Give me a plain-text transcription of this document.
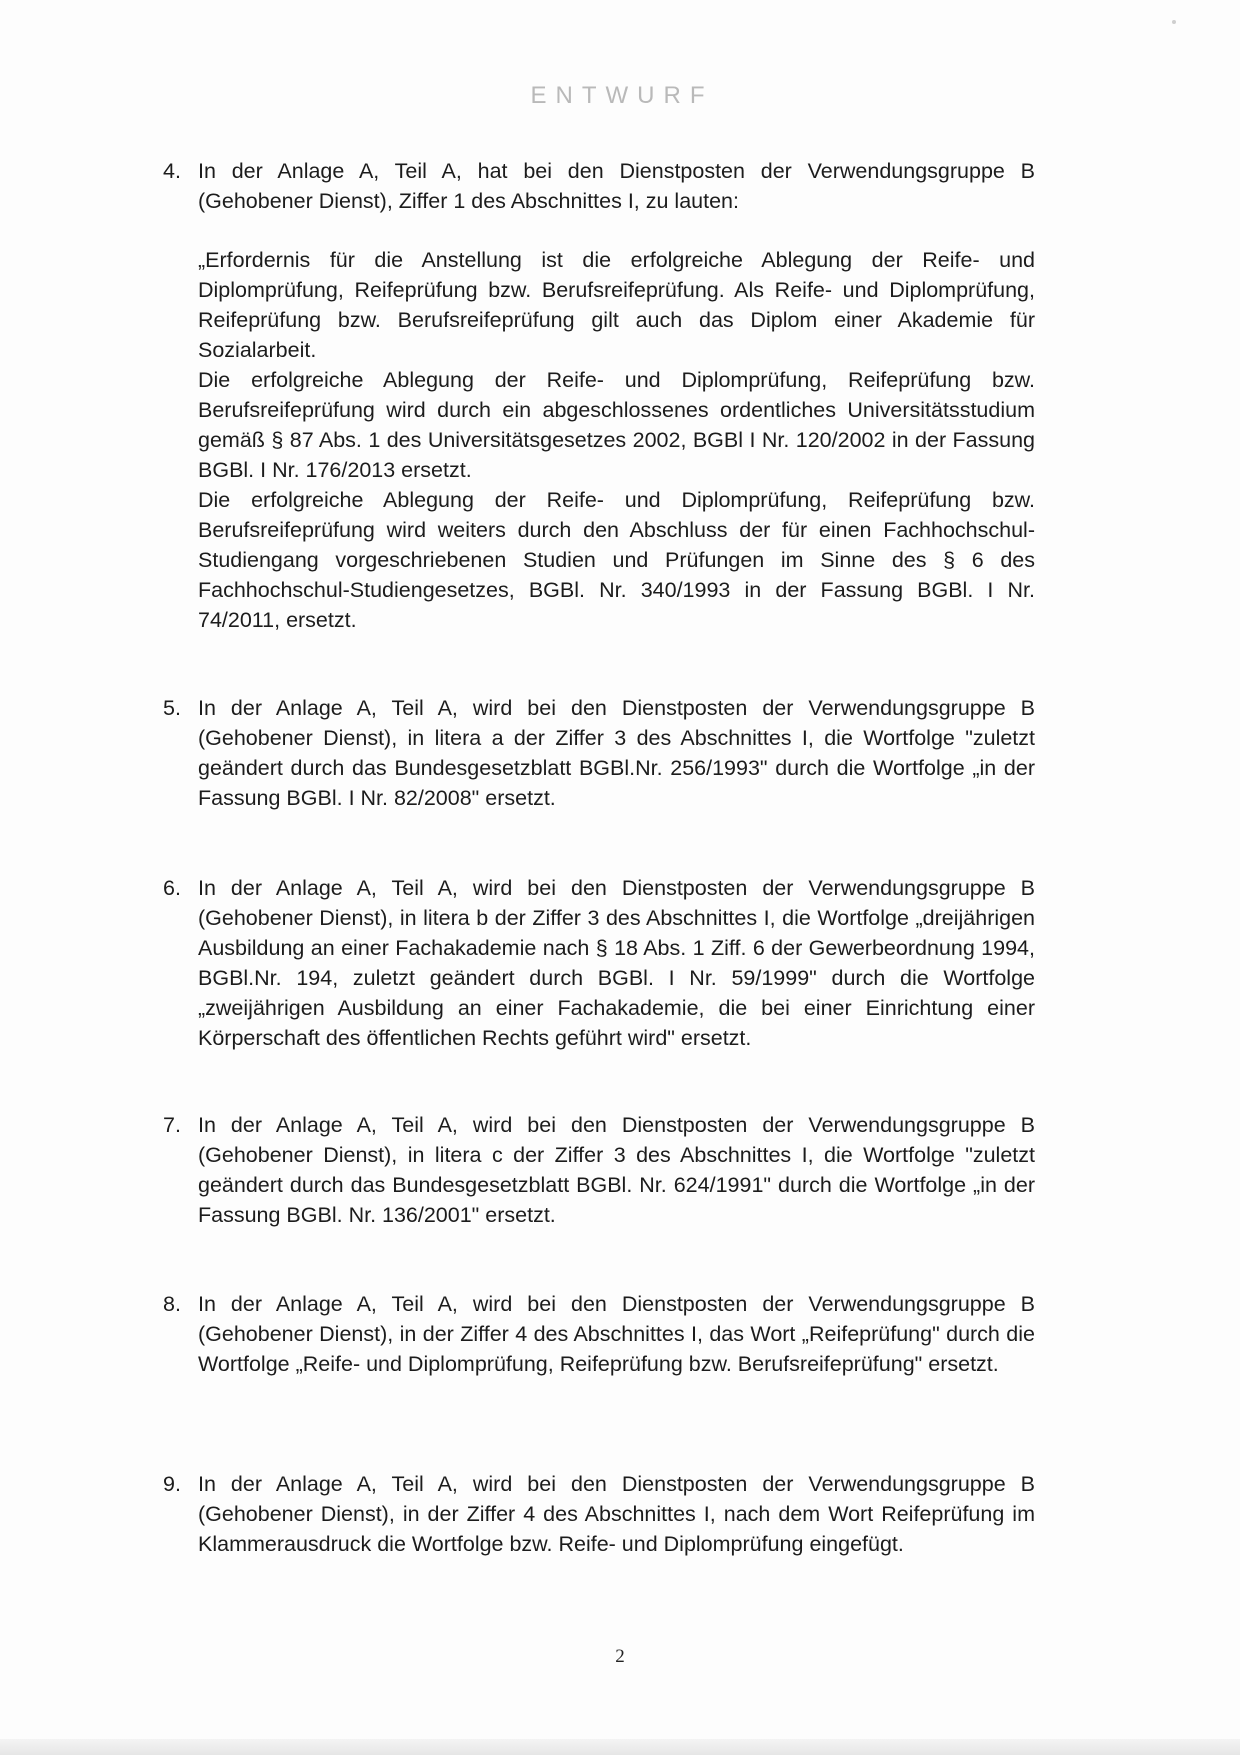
ENTWURF
4. In der Anlage A, Teil A, hat bei den Dienstposten der Verwendungsgruppe B (Gehobener Dienst), Ziffer 1 des Abschnittes I, zu lauten:

„Erfordernis für die Anstellung ist die erfolgreiche Ablegung der Reife- und Diplomprüfung, Reifeprüfung bzw. Berufsreifeprüfung. Als Reife- und Diplomprüfung, Reifeprüfung bzw. Berufsreifeprüfung gilt auch das Diplom einer Akademie für Sozialarbeit.

Die erfolgreiche Ablegung der Reife- und Diplomprüfung, Reifeprüfung bzw. Berufsreifeprüfung wird durch ein abgeschlossenes ordentliches Universitätsstudium gemäß § 87 Abs. 1 des Universitätsgesetzes 2002, BGBl I Nr. 120/2002 in der Fassung BGBl. I Nr. 176/2013 ersetzt.

Die erfolgreiche Ablegung der Reife- und Diplomprüfung, Reifeprüfung bzw. Berufsreifeprüfung wird weiters durch den Abschluss der für einen Fachhochschul-Studiengang vorgeschriebenen Studien und Prüfungen im Sinne des § 6 des Fachhochschul-Studiengesetzes, BGBl. Nr. 340/1993 in der Fassung BGBl. I Nr. 74/2011, ersetzt.

5. In der Anlage A, Teil A, wird bei den Dienstposten der Verwendungsgruppe B (Gehobener Dienst), in litera a der Ziffer 3 des Abschnittes I, die Wortfolge "zuletzt geändert durch das Bundesgesetzblatt BGBl.Nr. 256/1993" durch die Wortfolge „in der Fassung BGBl. I Nr. 82/2008" ersetzt.
6. In der Anlage A, Teil A, wird bei den Dienstposten der Verwendungsgruppe B (Gehobener Dienst), in litera b der Ziffer 3 des Abschnittes I, die Wortfolge „dreijährigen Ausbildung an einer Fachakademie nach § 18 Abs. 1 Ziff. 6 der Gewerbeordnung 1994, BGBl.Nr. 194, zuletzt geändert durch BGBl. I Nr. 59/1999" durch die Wortfolge „zweijährigen Ausbildung an einer Fachakademie, die bei einer Einrichtung einer Körperschaft des öffentlichen Rechts geführt wird" ersetzt.
7. In der Anlage A, Teil A, wird bei den Dienstposten der Verwendungsgruppe B (Gehobener Dienst), in litera c der Ziffer 3 des Abschnittes I, die Wortfolge "zuletzt geändert durch das Bundesgesetzblatt BGBl. Nr. 624/1991" durch die Wortfolge „in der Fassung BGBl. Nr. 136/2001" ersetzt.
8. In der Anlage A, Teil A, wird bei den Dienstposten der Verwendungsgruppe B (Gehobener Dienst), in der Ziffer 4 des Abschnittes I, das Wort „Reifeprüfung" durch die Wortfolge „Reife- und Diplomprüfung, Reifeprüfung bzw. Berufsreifeprüfung" ersetzt.
9. In der Anlage A, Teil A, wird bei den Dienstposten der Verwendungsgruppe B (Gehobener Dienst), in der Ziffer 4 des Abschnittes I, nach dem Wort Reifeprüfung im Klammerausdruck die Wortfolge bzw. Reife- und Diplomprüfung eingefügt.
2
